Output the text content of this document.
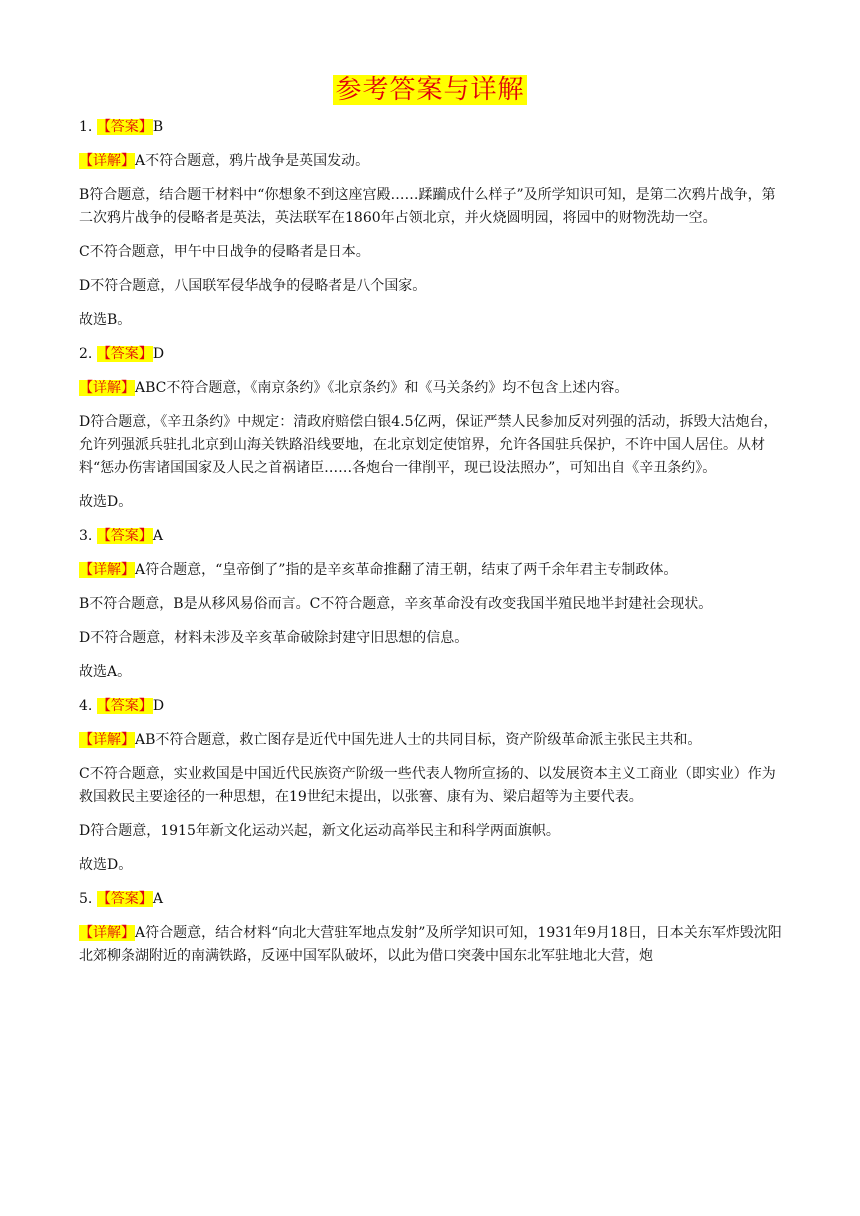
参考答案与详解

1. 【答案】B

【详解】A不符合题意，鸦片战争是英国发动。

B符合题意，结合题干材料中“你想象不到这座宫殿……蹂躏成什么样子”及所学知识可知，是第二次鸦片战争，第二次鸦片战争的侵略者是英法，英法联军在1860年占领北京，并火烧圆明园，将园中的财物洗劫一空。

C不符合题意，甲午中日战争的侵略者是日本。

D不符合题意，八国联军侵华战争的侵略者是八个国家。

故选B。

2. 【答案】D

【详解】ABC不符合题意，《南京条约》《北京条约》和《马关条约》均不包含上述内容。

D符合题意，《辛丑条约》中规定：清政府赔偿白银4.5亿两，保证严禁人民参加反对列强的活动，拆毁大沽炮台，允许列强派兵驻扎北京到山海关铁路沿线要地，在北京划定使馆界，允许各国驻兵保护，不许中国人居住。从材料“惩办伤害诸国国家及人民之首祸诸臣……各炮台一律削平，现已设法照办”，可知出自《辛丑条约》。

故选D。

3. 【答案】A

【详解】A符合题意，“皇帝倒了”指的是辛亥革命推翻了清王朝，结束了两千余年君主专制政体。

B不符合题意，B是从移风易俗而言。C不符合题意，辛亥革命没有改变我国半殖民地半封建社会现状。

D不符合题意，材料未涉及辛亥革命破除封建守旧思想的信息。

故选A。

4. 【答案】D

【详解】AB不符合题意，救亡图存是近代中国先进人士的共同目标，资产阶级革命派主张民主共和。

C不符合题意，实业救国是中国近代民族资产阶级一些代表人物所宣扬的、以发展资本主义工商业（即实业）作为救国救民主要途径的一种思想，在19世纪末提出，以张謇、康有为、梁启超等为主要代表。

D符合题意，1915年新文化运动兴起，新文化运动高举民主和科学两面旗帜。

故选D。

5. 【答案】A

【详解】A符合题意，结合材料“向北大营驻军地点发射”及所学知识可知，1931年9月18日，日本关东军炸毁沈阳北郊柳条湖附近的南满铁路，反诬中国军队破坏，以此为借口突袭中国东北军驻地北大营，炮
